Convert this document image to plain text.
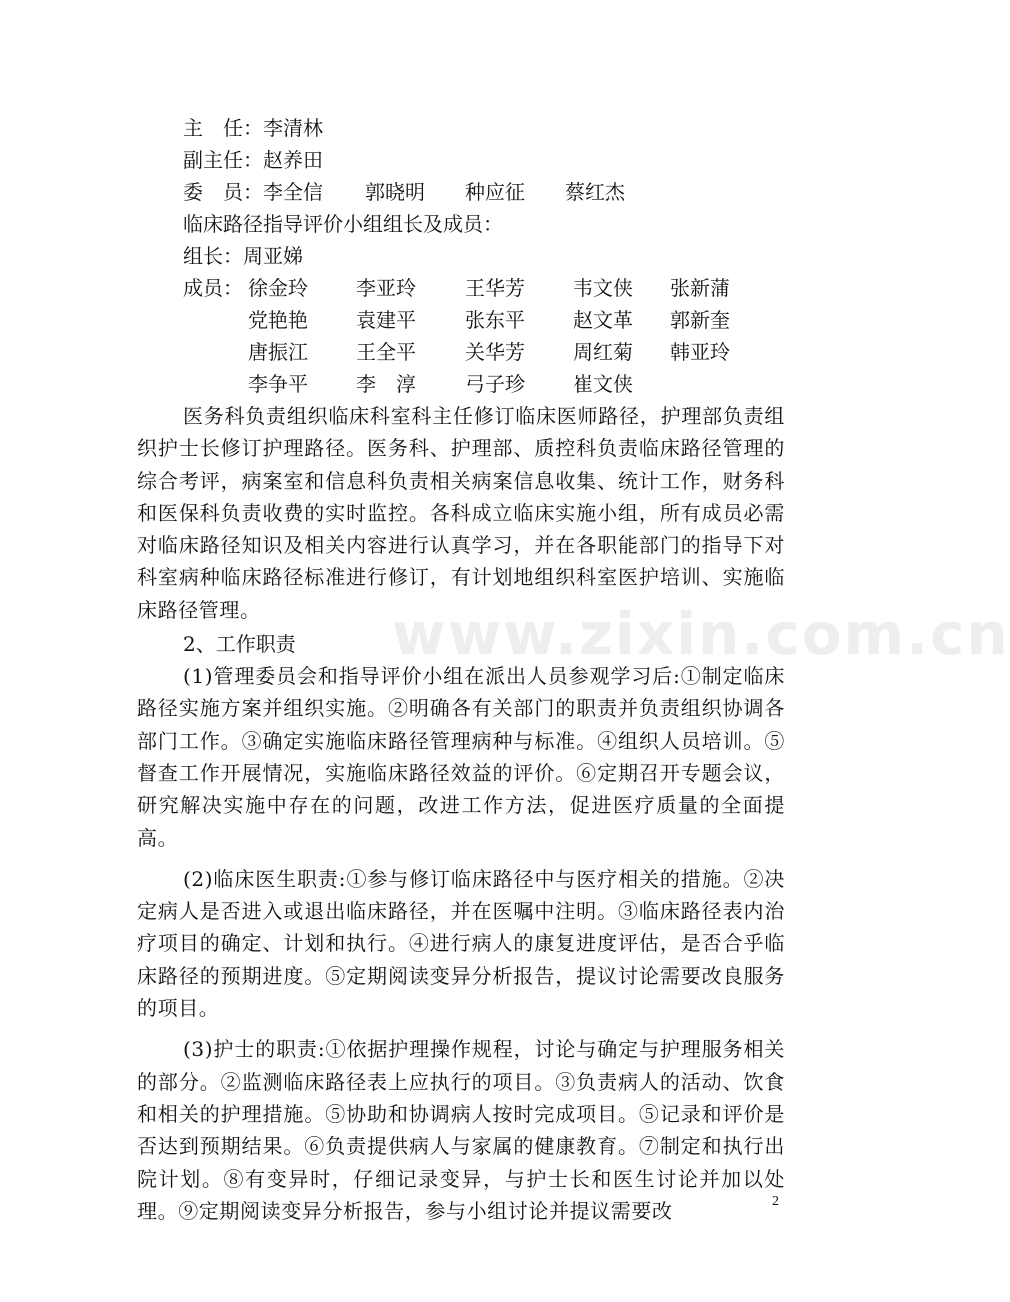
主　任：李清林
副主任：赵养田
委　员： 李全信 郭晓明 种应征 蔡红杰
临床路径指导评价小组组长及成员：
组长：周亚娣
成员： 徐金玲 李亚玲 王华芳 韦文侠 张新蒲
党艳艳 袁建平 张东平 赵文革 郭新奎
唐振江 王全平 关华芳 周红菊 韩亚玲
李争平 李　淳 弓子珍 崔文侠

医务科负责组织临床科室科主任修订临床医师路径，护理部负责组织护士长修订护理路径。医务科、护理部、质控科负责临床路径管理的综合考评，病案室和信息科负责相关病案信息收集、统计工作，财务科和医保科负责收费的实时监控。各科成立临床实施小组，所有成员必需对临床路径知识及相关内容进行认真学习，并在各职能部门的指导下对科室病种临床路径标准进行修订，有计划地组织科室医护培训、实施临床路径管理。

2、工作职责

(1)管理委员会和指导评价小组在派出人员参观学习后:①制定临床路径实施方案并组织实施。②明确各有关部门的职责并负责组织协调各部门工作。③确定实施临床路径管理病种与标准。④组织人员培训。⑤督查工作开展情况，实施临床路径效益的评价。⑥定期召开专题会议，研究解决实施中存在的问题，改进工作方法，促进医疗质量的全面提高。

(2)临床医生职责:①参与修订临床路径中与医疗相关的措施。②决定病人是否进入或退出临床路径，并在医嘱中注明。③临床路径表内治疗项目的确定、计划和执行。④进行病人的康复进度评估，是否合乎临床路径的预期进度。⑤定期阅读变异分析报告，提议讨论需要改良服务的项目。

(3)护士的职责:①依据护理操作规程，讨论与确定与护理服务相关的部分。②监测临床路径表上应执行的项目。③负责病人的活动、饮食和相关的护理措施。⑤协助和协调病人按时完成项目。⑤记录和评价是否达到预期结果。⑥负责提供病人与家属的健康教育。⑦制定和执行出院计划。⑧有变异时，仔细记录变异，与护士长和医生讨论并加以处理。⑨定期阅读变异分析报告，参与小组讨论并提议需要改

www.zixin.com.cn
2
